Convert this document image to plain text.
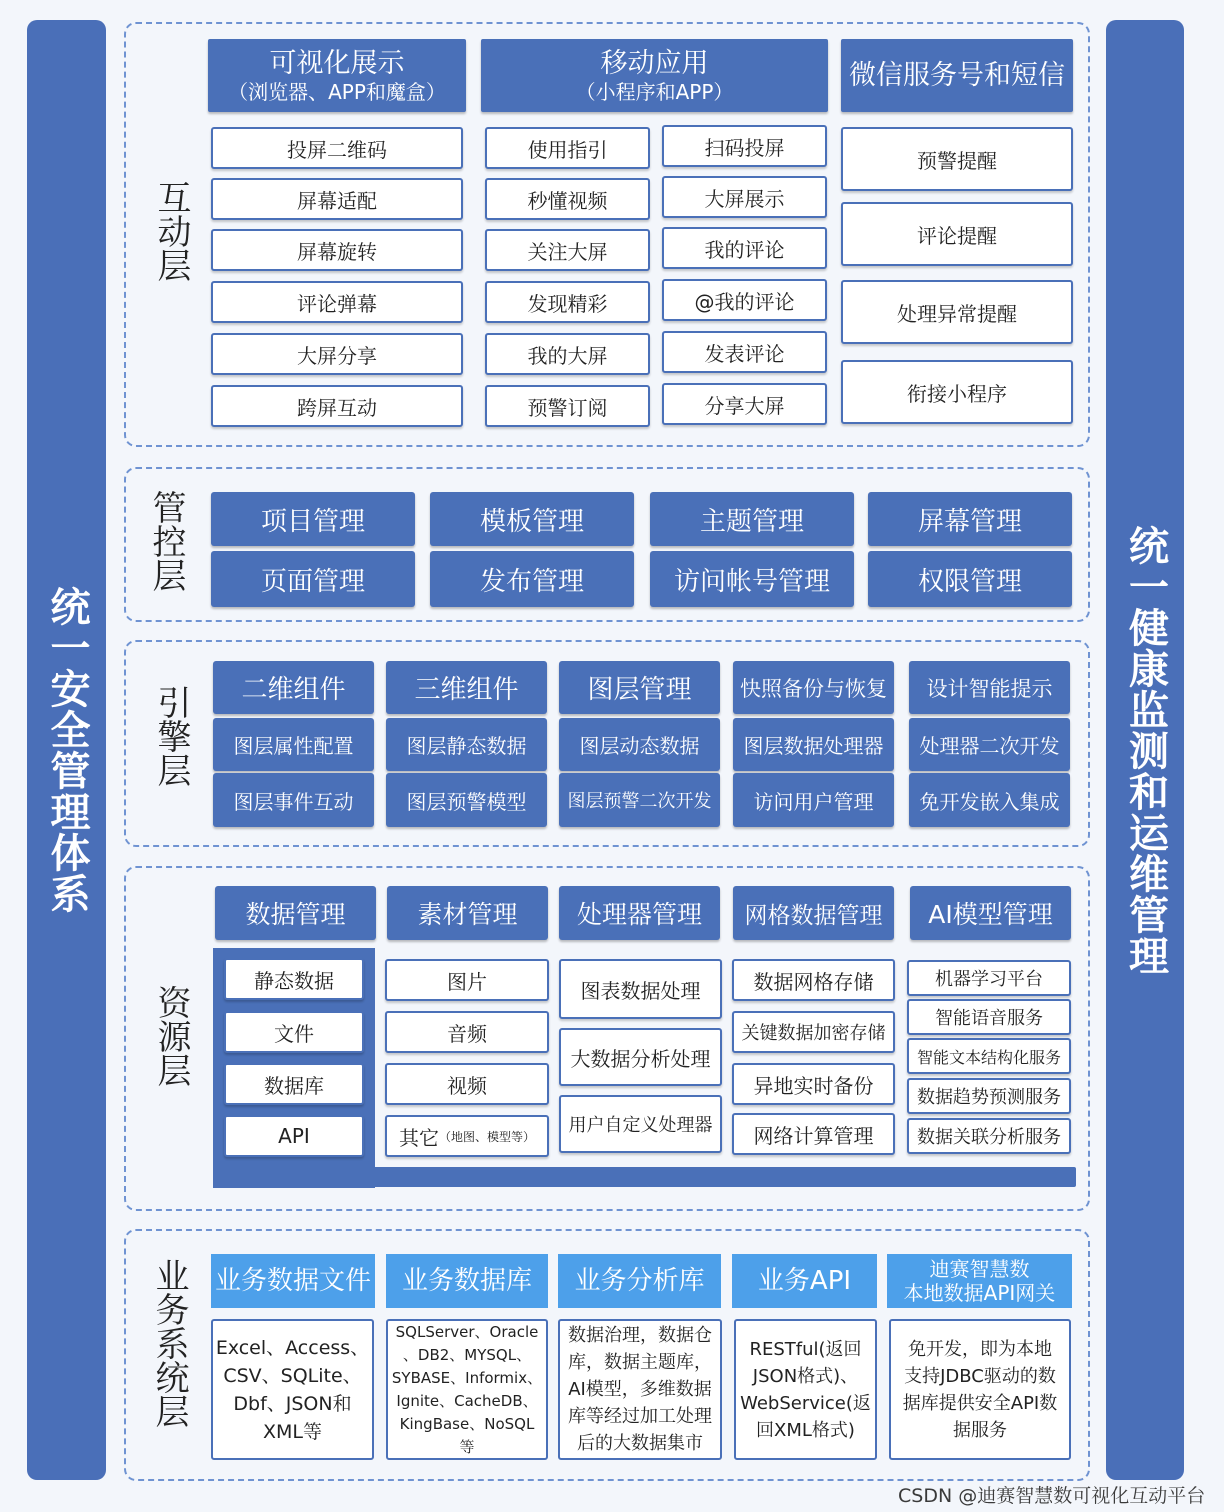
统一安全管理体系	统一健康监测和运维管理
互动层
可视化展示
（浏览器、APP和魔盒）
移动应用
（小程序和APP）
微信服务号和短信
投屏二维码
屏幕适配
屏幕旋转
评论弹幕
大屏分享
跨屏互动
使用指引
秒懂视频
关注大屏
发现精彩
我的大屏
预警订阅
扫码投屏
大屏展示
我的评论
@我的评论
发表评论
分享大屏
预警提醒
评论提醒
处理异常提醒
衔接小程序
管控层	项目管理	模板管理	主题管理	屏幕管理
页面管理	发布管理	访问帐号管理	权限管理
引擎层	二维组件	三维组件	图层管理	快照备份与恢复	设计智能提示
图层属性配置	图层静态数据	图层动态数据	图层数据处理器	处理器二次开发
图层事件互动	图层预警模型	图层预警二次开发	访问用户管理	免开发嵌入集成
资源层
数据管理	素材管理	处理器管理	网格数据管理	AI模型管理
静态数据
文件
数据库
API
图片
音频
视频
其它 （地图、模型等）
图表数据处理
大数据分析处理
用户自定义处理器
数据网格存储
关键数据加密存储
异地实时备份
网络计算管理
机器学习平台
智能语音服务
智能文本结构化服务
数据趋势预测服务
数据关联分析服务
业务系统层 业务数据文件	业务数据库	业务分析库	业务API	迪赛智慧数
本地数据API网关
Excel、Access、
CSV、SQLite、
Dbf、JSON和
XML等
SQLServer、Oracle
、DB2、MYSQL、
SYBASE、Informix、
Ignite、CacheDB、
KingBase、NoSQL
等
数据治理，数据仓
库，数据主题库，
AI模型，多维数据
库等经过加工处理
后的大数据集市
RESTful(返回
JSON格式)、
WebService(返
回XML格式)
免开发，即为本地
支持JDBC驱动的数
据库提供安全API数
据服务
CSDN @迪赛智慧数可视化互动平台
